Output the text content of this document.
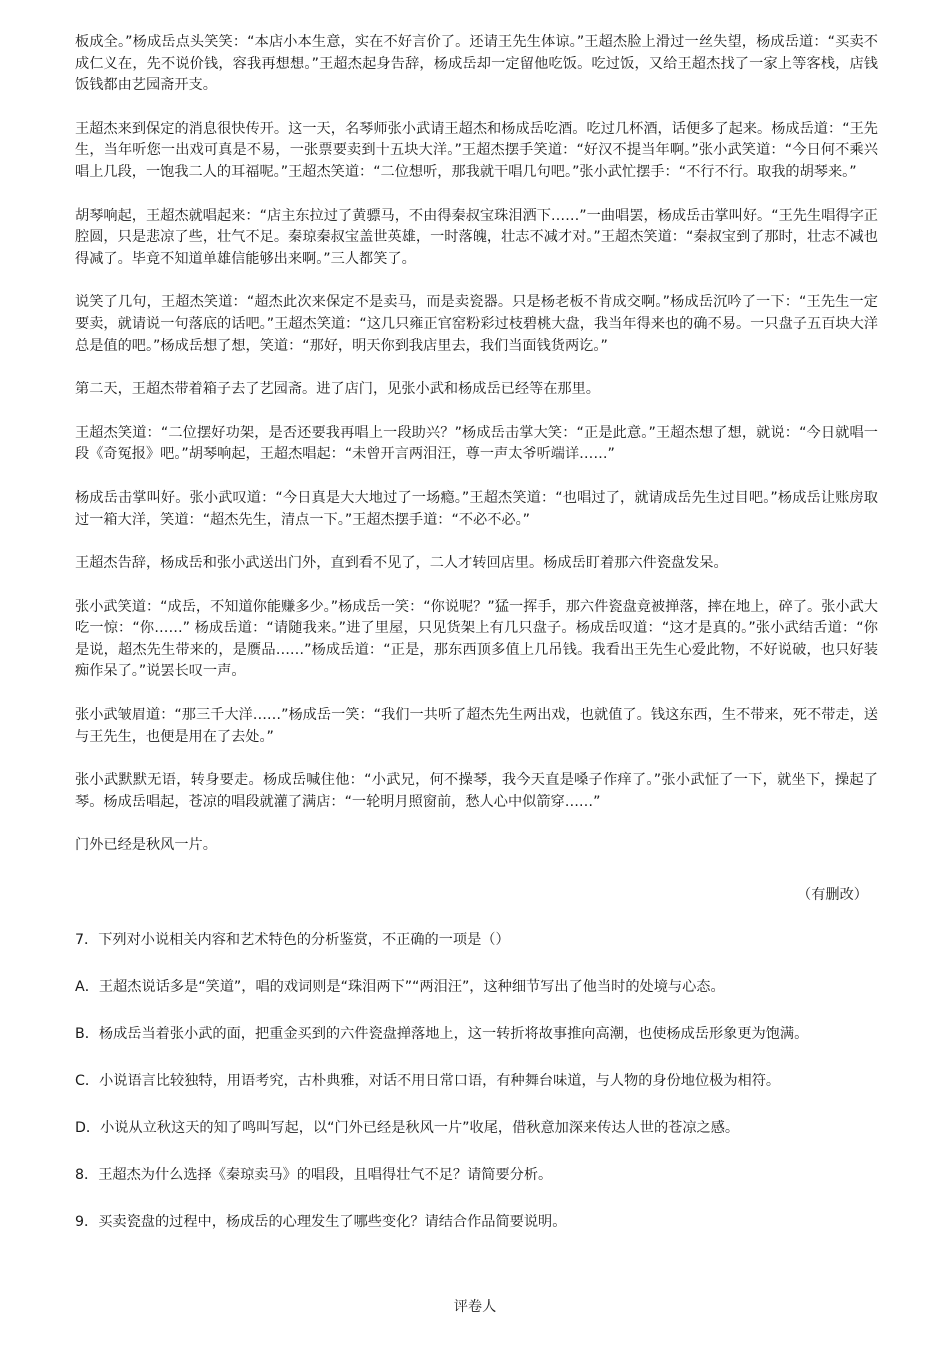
板成全。”杨成岳点头笑笑：“本店小本生意，实在不好言价了。还请王先生体谅。”王超杰脸上滑过一丝失望，杨成岳道：“买卖不成仁义在，先不说价钱，容我再想想。”王超杰起身告辞，杨成岳却一定留他吃饭。吃过饭，又给王超杰找了一家上等客栈，店钱饭钱都由艺园斋开支。

王超杰来到保定的消息很快传开。这一天，名琴师张小武请王超杰和杨成岳吃酒。吃过几杯酒，话便多了起来。杨成岳道：“王先生，当年听您一出戏可真是不易，一张票要卖到十五块大洋。”王超杰摆手笑道：“好汉不提当年啊。”张小武笑道：“今日何不乘兴唱上几段，一饱我二人的耳福呢。”王超杰笑道：“二位想听，那我就干唱几句吧。”张小武忙摆手：“不行不行。取我的胡琴来。”

胡琴响起，王超杰就唱起来：“店主东拉过了黄骠马，不由得秦叔宝珠泪洒下……”一曲唱罢，杨成岳击掌叫好。“王先生唱得字正腔圆，只是悲凉了些，壮气不足。秦琼秦叔宝盖世英雄，一时落魄，壮志不减才对。”王超杰笑道：“秦叔宝到了那时，壮志不减也得减了。毕竟不知道单雄信能够出来啊。”三人都笑了。

说笑了几句，王超杰笑道：“超杰此次来保定不是卖马，而是卖瓷器。只是杨老板不肯成交啊。”杨成岳沉吟了一下：“王先生一定要卖，就请说一句落底的话吧。”王超杰笑道：“这几只雍正官窑粉彩过枝碧桃大盘，我当年得来也的确不易。一只盘子五百块大洋总是值的吧。”杨成岳想了想，笑道：“那好，明天你到我店里去，我们当面钱货两讫。”

第二天，王超杰带着箱子去了艺园斋。进了店门，见张小武和杨成岳已经等在那里。

王超杰笑道：“二位摆好功架，是否还要我再唱上一段助兴？”杨成岳击掌大笑：“正是此意。”王超杰想了想，就说：“今日就唱一段《奇冤报》吧。”胡琴响起，王超杰唱起：“未曾开言两泪汪，尊一声太爷听端详……”

杨成岳击掌叫好。张小武叹道：“今日真是大大地过了一场瘾。”王超杰笑道：“也唱过了，就请成岳先生过目吧。”杨成岳让账房取过一箱大洋，笑道：“超杰先生，清点一下。”王超杰摆手道：“不必不必。”

王超杰告辞，杨成岳和张小武送出门外，直到看不见了，二人才转回店里。杨成岳盯着那六件瓷盘发呆。

张小武笑道：“成岳，不知道你能赚多少。”杨成岳一笑：“你说呢？”猛一挥手，那六件瓷盘竟被掸落，摔在地上，碎了。张小武大吃一惊：“你……” 杨成岳道：“请随我来。”进了里屋，只见货架上有几只盘子。杨成岳叹道：“这才是真的。”张小武结舌道：“你是说，超杰先生带来的，是赝品……”杨成岳道：“正是，那东西顶多值上几吊钱。我看出王先生心爱此物，不好说破，也只好装痴作呆了。”说罢长叹一声。

张小武皱眉道：“那三千大洋……”杨成岳一笑：“我们一共听了超杰先生两出戏，也就值了。钱这东西，生不带来，死不带走，送与王先生，也便是用在了去处。”

张小武默默无语，转身要走。杨成岳喊住他：“小武兄，何不操琴，我今天直是嗓子作痒了。”张小武怔了一下，就坐下，操起了琴。杨成岳唱起，苍凉的唱段就灌了满店：“一轮明月照窗前，愁人心中似箭穿……”

门外已经是秋风一片。

（有删改）

7．下列对小说相关内容和艺术特色的分析鉴赏，不正确的一项是（）

A．王超杰说话多是“笑道”，唱的戏词则是“珠泪两下”“两泪汪”，这种细节写出了他当时的处境与心态。

B．杨成岳当着张小武的面，把重金买到的六件瓷盘掸落地上，这一转折将故事推向高潮，也使杨成岳形象更为饱满。

C．小说语言比较独特，用语考究，古朴典雅，对话不用日常口语，有种舞台味道，与人物的身份地位极为相符。

D．小说从立秋这天的知了鸣叫写起，以“门外已经是秋风一片”收尾，借秋意加深来传达人世的苍凉之感。

8．王超杰为什么选择《秦琼卖马》的唱段，且唱得壮气不足？请简要分析。

9．买卖瓷盘的过程中，杨成岳的心理发生了哪些变化？请结合作品简要说明。

评卷人
